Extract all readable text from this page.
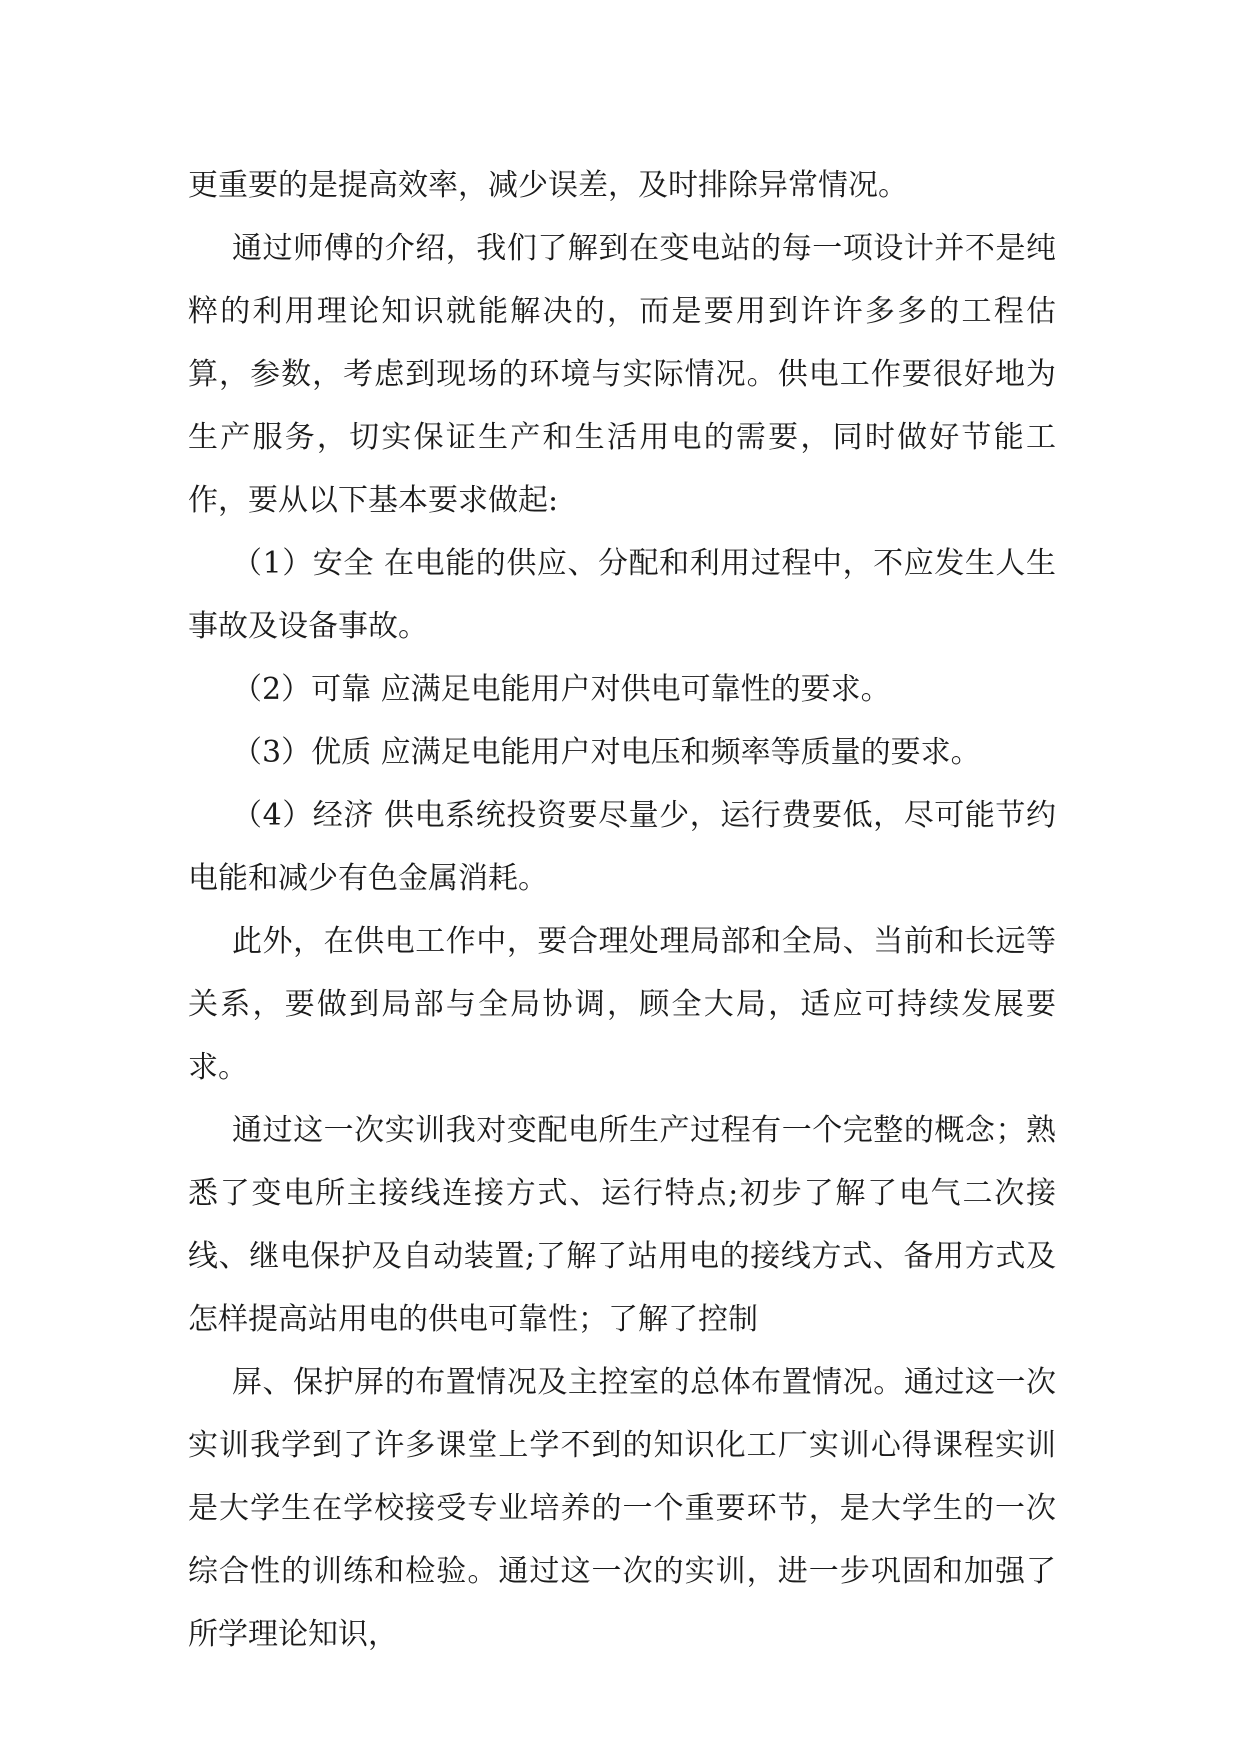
更重要的是提高效率，减少误差，及时排除异常情况。

通过师傅的介绍，我们了解到在变电站的每一项设计并不是纯粹的利用理论知识就能解决的，而是要用到许许多多的工程估算，参数，考虑到现场的环境与实际情况。供电工作要很好地为生产服务，切实保证生产和生活用电的需要，同时做好节能工作，要从以下基本要求做起:

（1）安全 在电能的供应、分配和利用过程中，不应发生人生事故及设备事故。

（2）可靠 应满足电能用户对供电可靠性的要求。

（3）优质 应满足电能用户对电压和频率等质量的要求。

（4）经济 供电系统投资要尽量少，运行费要低，尽可能节约电能和减少有色金属消耗。

此外，在供电工作中，要合理处理局部和全局、当前和长远等关系，要做到局部与全局协调，顾全大局，适应可持续发展要求。

通过这一次实训我对变配电所生产过程有一个完整的概念；熟悉了变电所主接线连接方式、运行特点;初步了解了电气二次接线、继电保护及自动装置;了解了站用电的接线方式、备用方式及怎样提高站用电的供电可靠性；了解了控制

屏、保护屏的布置情况及主控室的总体布置情况。通过这一次实训我学到了许多课堂上学不到的知识化工厂实训心得课程实训是大学生在学校接受专业培养的一个重要环节，是大学生的一次综合性的训练和检验。通过这一次的实训，进一步巩固和加强了所学理论知识，
